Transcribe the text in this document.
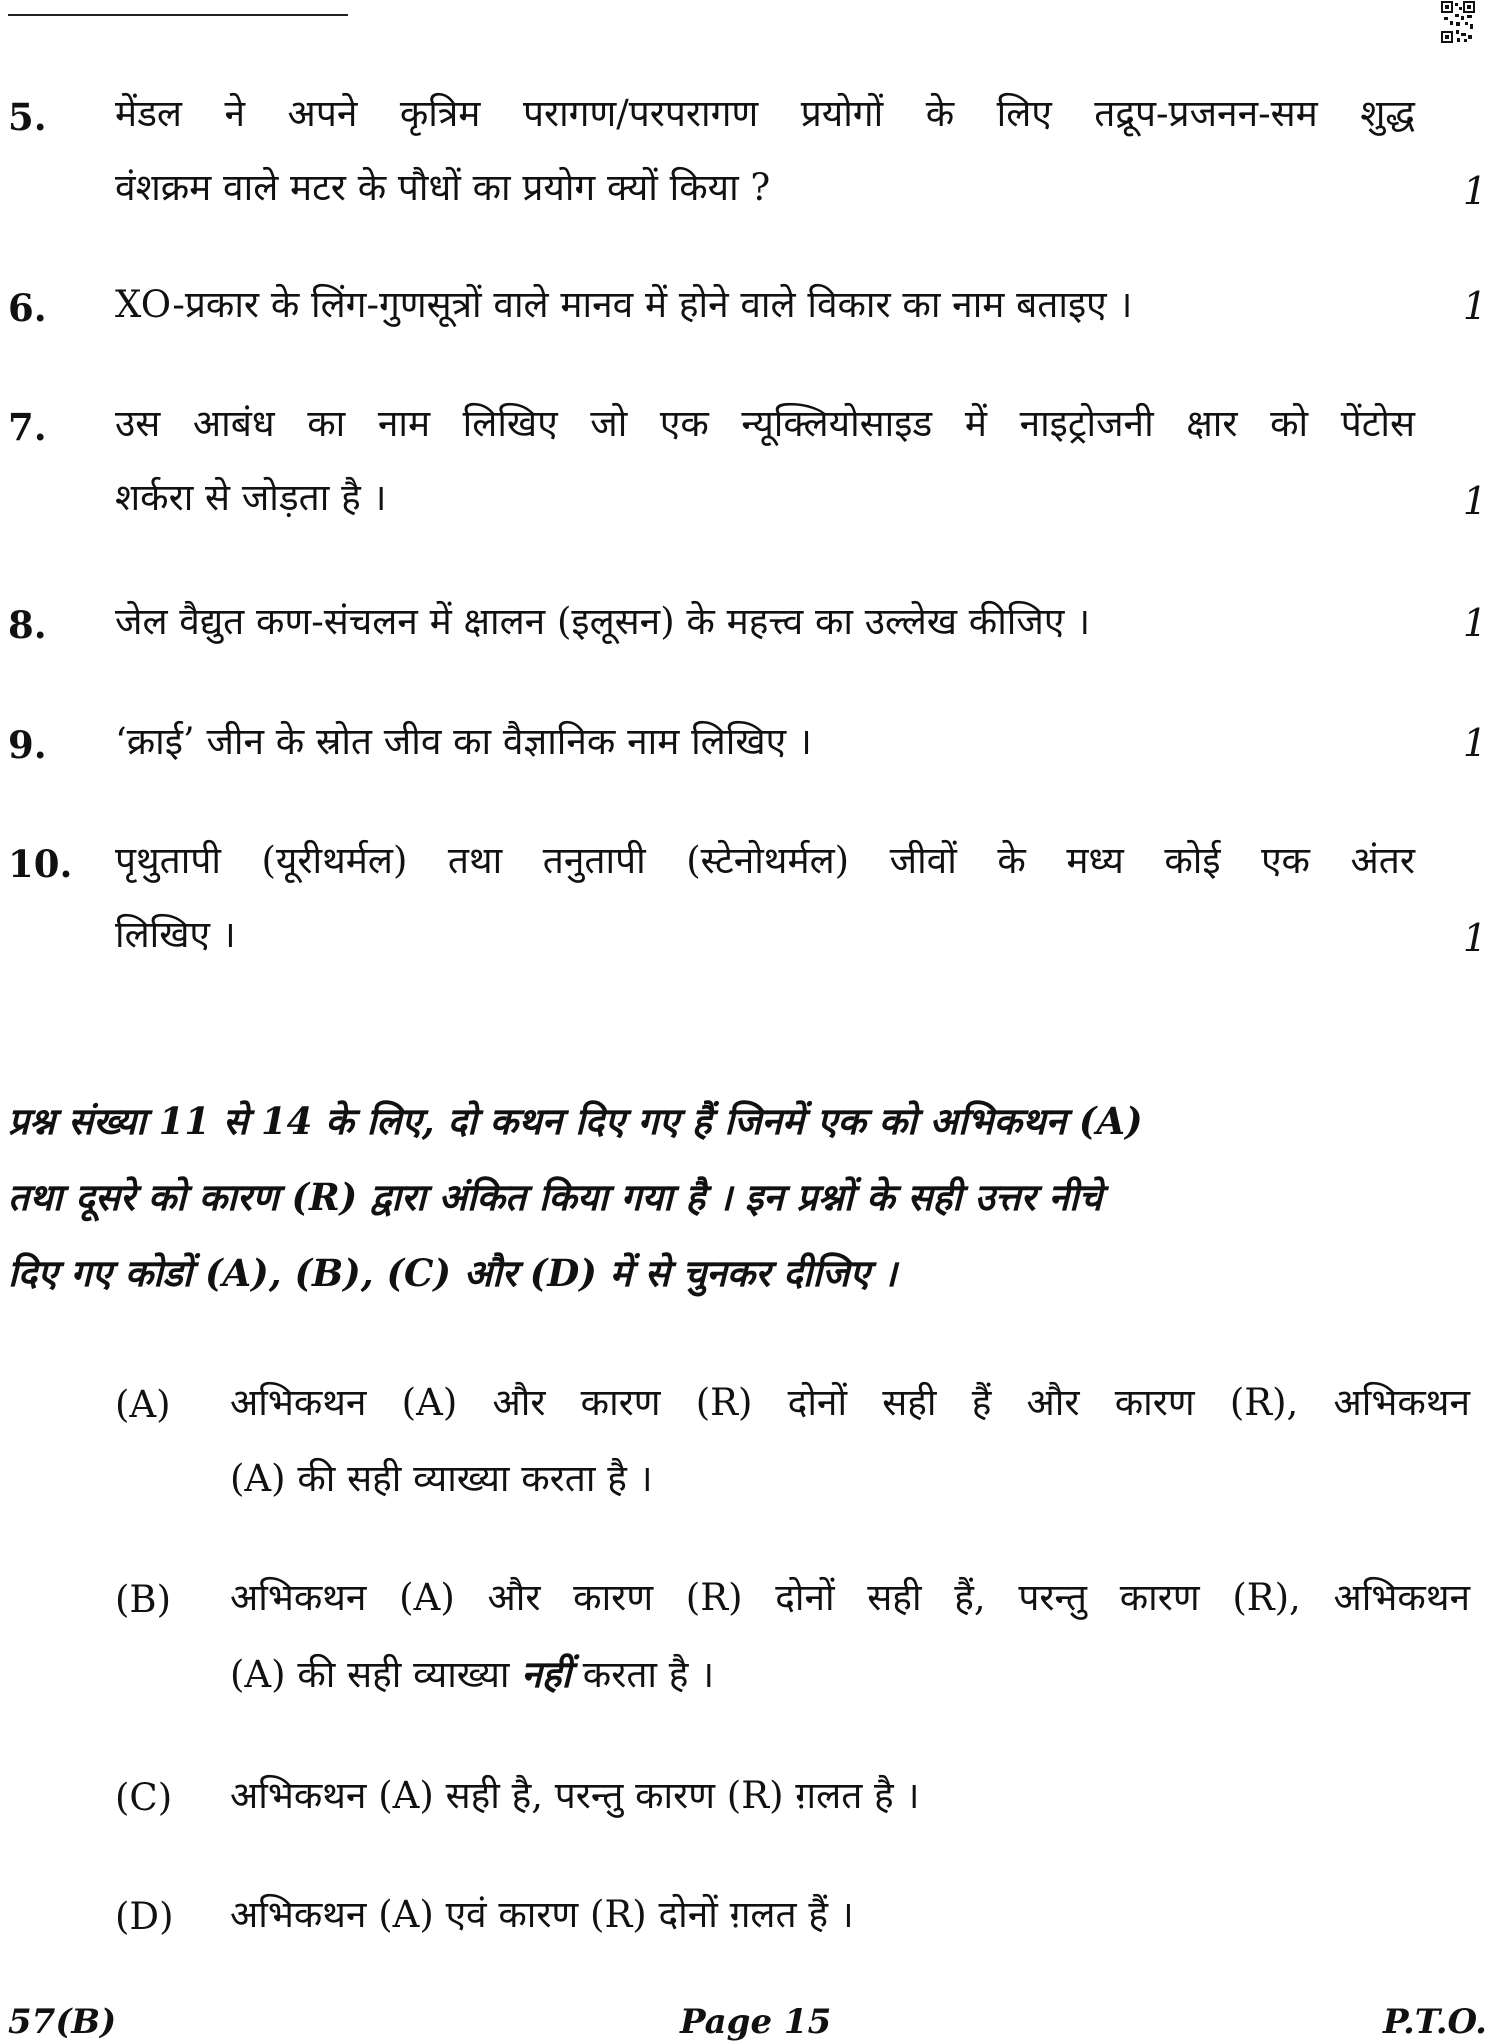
5. मेंडल ने अपने कृत्रिम परागण/परपरागण प्रयोगों के लिए तद्रूप-प्रजनन-सम शुद्ध
वंशक्रम वाले मटर के पौधों का प्रयोग क्यों किया ?	1
6. XO-प्रकार के लिंग-गुणसूत्रों वाले मानव में होने वाले विकार का नाम बताइए ।	1
7. उस आबंध का नाम लिखिए जो एक न्यूक्लियोसाइड में नाइट्रोजनी क्षार को पेंटोस
शर्करा से जोड़ता है ।	1
8. जेल वैद्युत कण-संचलन में क्षालन (इलूसन) के महत्त्व का उल्लेख कीजिए ।	1
9. ‘क्राई’ जीन के स्रोत जीव का वैज्ञानिक नाम लिखिए ।	1
10. पृथुतापी (यूरीथर्मल) तथा तनुतापी (स्टेनोथर्मल) जीवों के मध्य कोई एक अंतर
लिखिए ।	1
प्रश्न संख्या 11 से 14 के लिए, दो कथन दिए गए हैं जिनमें एक को अभिकथन (A)
तथा दूसरे को कारण (R) द्वारा अंकित किया गया है । इन प्रश्नों के सही उत्तर नीचे
दिए गए कोडों (A), (B), (C) और (D) में से चुनकर दीजिए ।
(A) अभिकथन (A) और कारण (R) दोनों सही हैं और कारण (R), अभिकथन
(A) की सही व्याख्या करता है ।
(B) अभिकथन (A) और कारण (R) दोनों सही हैं, परन्तु कारण (R), अभिकथन
(A) की सही व्याख्या नहीं करता है ।
(C) अभिकथन (A) सही है, परन्तु कारण (R) ग़लत है ।
(D) अभिकथन (A) एवं कारण (R) दोनों ग़लत हैं ।
57(B)	Page 15	P.T.O.
